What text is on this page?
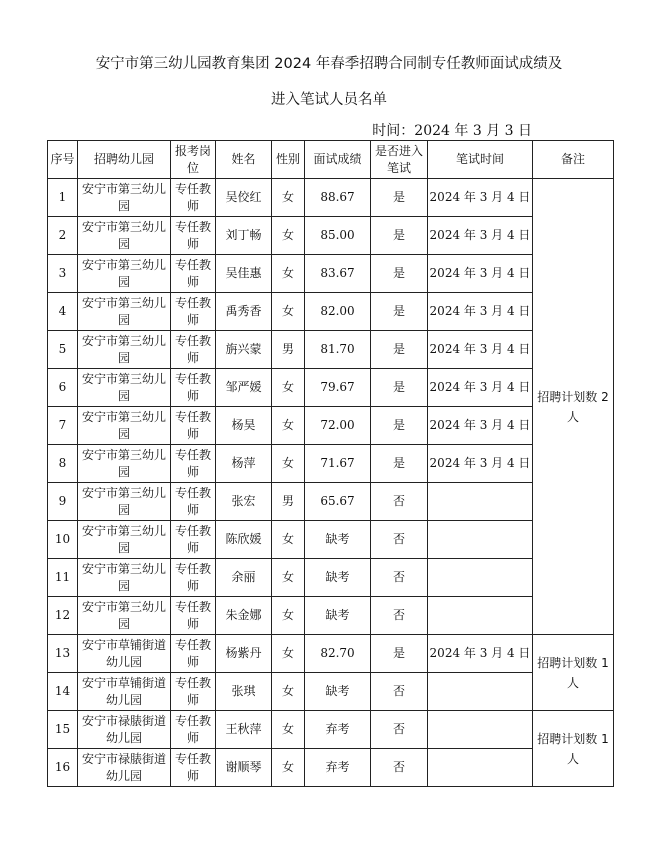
安宁市第三幼儿园教育集团 2024 年春季招聘合同制专任教师面试成绩及
进入笔试人员名单
时间：2024 年 3 月 3 日
序号	招聘幼儿园	报考岗位	姓名	性别	面试成绩	是否进入笔试	笔试时间	备注
1	安宁市第三幼儿园	专任教师	吴佼红	女	88.67	是	2024 年 3 月 4 日	招聘计划数 2 人
2	安宁市第三幼儿园	专任教师	刘丁畅	女	85.00	是	2024 年 3 月 4 日	
3	安宁市第三幼儿园	专任教师	吴佳惠	女	83.67	是	2024 年 3 月 4 日	
4	安宁市第三幼儿园	专任教师	禹秀香	女	82.00	是	2024 年 3 月 4 日	
5	安宁市第三幼儿园	专任教师	旃兴蒙	男	81.70	是	2024 年 3 月 4 日	
6	安宁市第三幼儿园	专任教师	邹严媛	女	79.67	是	2024 年 3 月 4 日	
7	安宁市第三幼儿园	专任教师	杨昊	女	72.00	是	2024 年 3 月 4 日	
8	安宁市第三幼儿园	专任教师	杨萍	女	71.67	是	2024 年 3 月 4 日	
9	安宁市第三幼儿园	专任教师	张宏	男	65.67	否		
10	安宁市第三幼儿园	专任教师	陈欣媛	女	缺考	否		
11	安宁市第三幼儿园	专任教师	余丽	女	缺考	否		
12	安宁市第三幼儿园	专任教师	朱金娜	女	缺考	否		
13	安宁市草铺街道幼儿园	专任教师	杨紫丹	女	82.70	是	2024 年 3 月 4 日	招聘计划数 1 人
14	安宁市草铺街道幼儿园	专任教师	张琪	女	缺考	否		
15	安宁市禄脿街道幼儿园	专任教师	王秋萍	女	弃考	否		招聘计划数 1 人
16	安宁市禄脿街道幼儿园	专任教师	谢顺琴	女	弃考	否		
